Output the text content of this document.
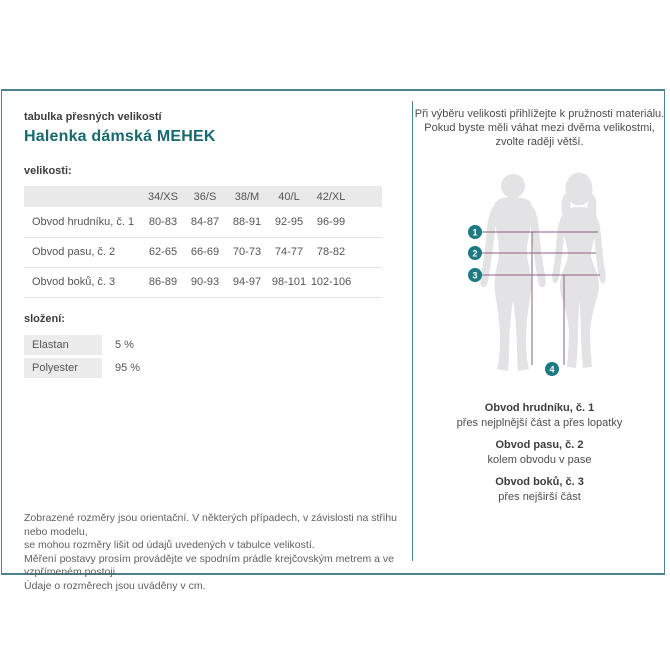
tabulka přesných velikostí
Halenka dámská MEHEK
velikosti:
	34/XS	36/S	38/M	40/L	42/XL	
Obvod hrudníku, č. 1	80-83	84-87	88-91	92-95	96-99	
Obvod pasu, č. 2	62-65	66-69	70-73	74-77	78-82	
Obvod boků, č. 3	86-89	90-93	94-97	98-101	102-106	
složení:
Elastan	5 %
Polyester	95 %
Zobrazené rozměry jsou orientační. V některých případech, v závislosti na střihu nebo modelu,
se mohou rozměry lišit od údajů uvedených v tabulce velikostí.
Měření postavy prosím provádějte ve spodním prádle krejčovským metrem a ve vzpřímeném postoji.
Údaje o rozměrech jsou uváděny v cm.
Při výběru velikosti přihlížejte k pružnosti materiálu.
Pokud byste měli váhat mezi dvěma velikostmi,
zvolte raději větší.
1
2
3
4
Obvod hrudníku, č. 1
přes nejplnější část a přes lopatky
Obvod pasu, č. 2
kolem obvodu v pase
Obvod boků, č. 3
přes nejširší část
